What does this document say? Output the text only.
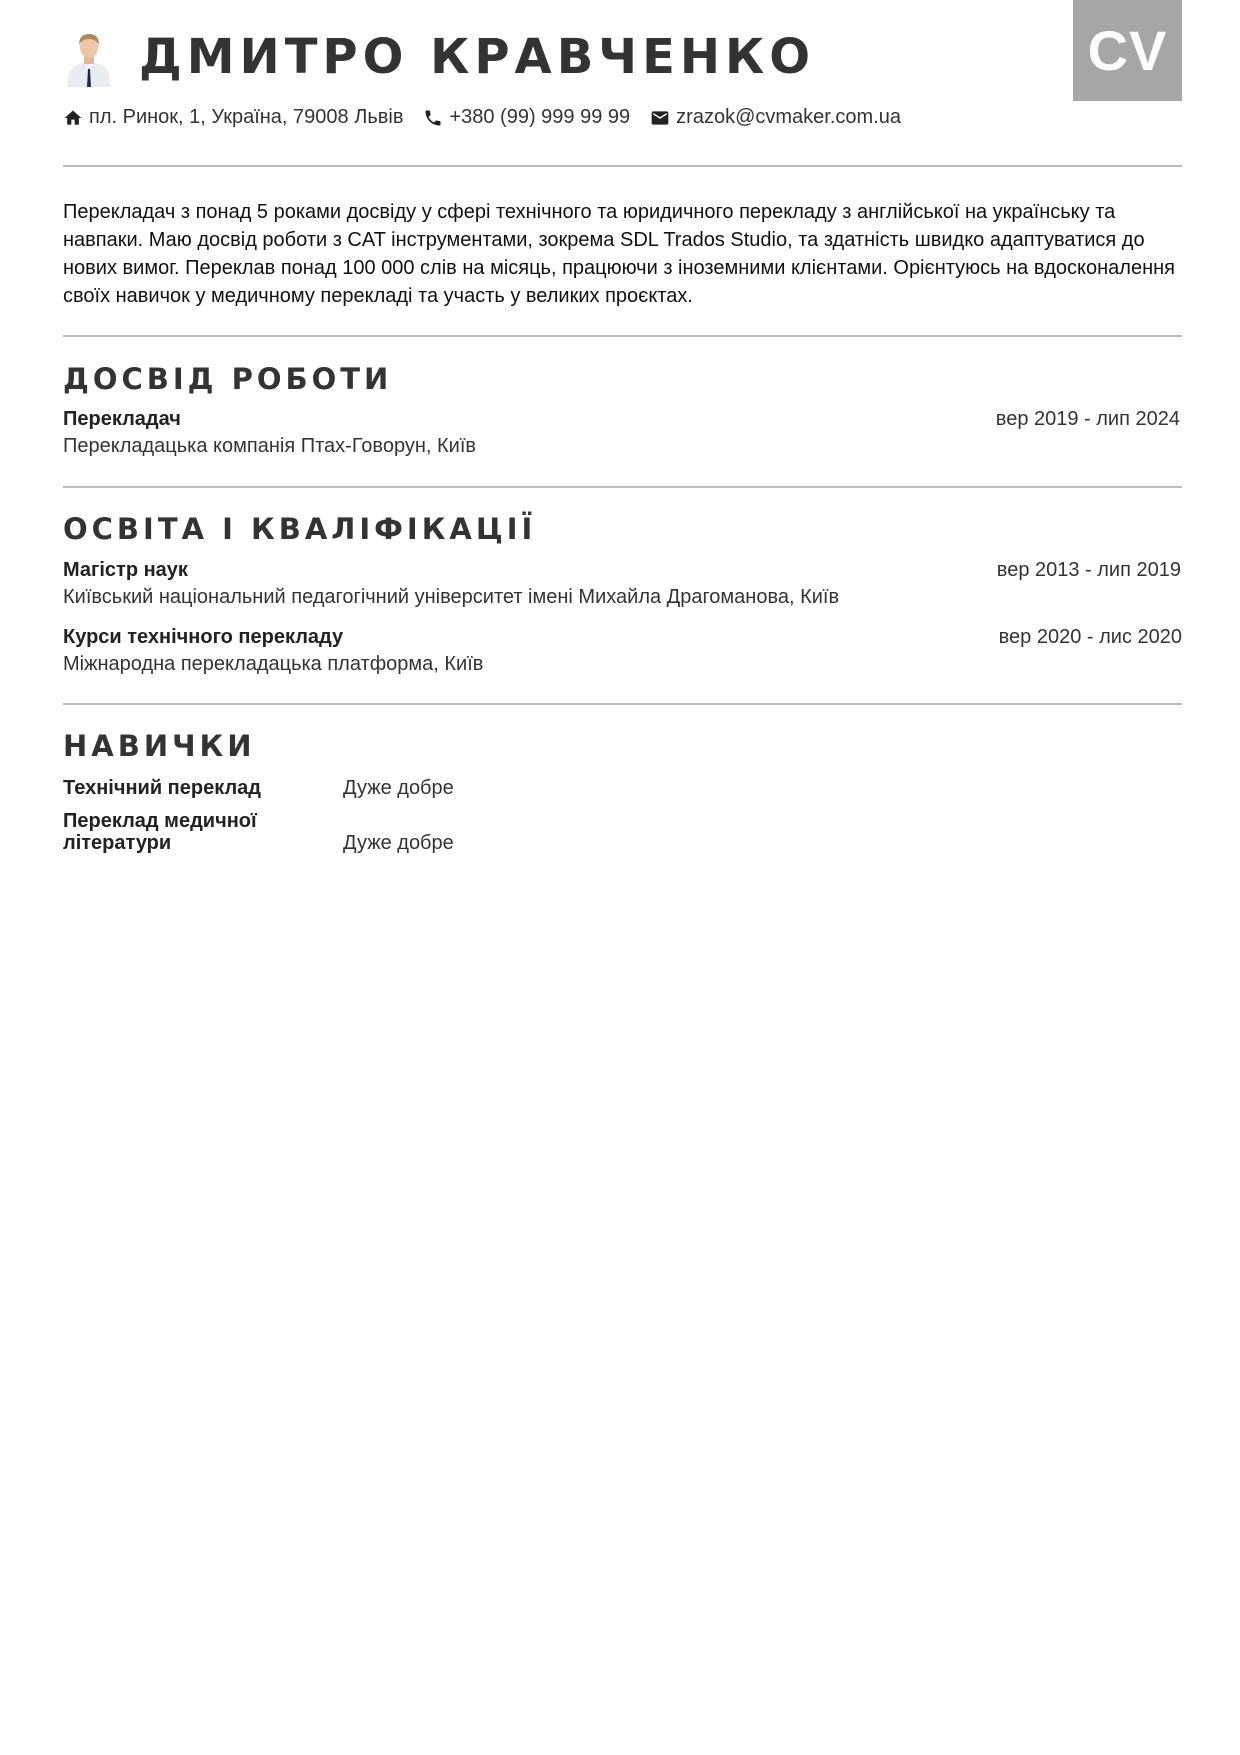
CV
ДМИТРО КРАВЧЕНКО
пл. Ринок, 1, Україна, 79008 Львів +380 (99) 999 99 99 zrazok@cvmaker.com.ua

Перекладач з понад 5 роками досвіду у сфері технічного та юридичного перекладу з англійської на українську та навпаки. Маю досвід роботи з CAT інструментами, зокрема SDL Trados Studio, та здатність швидко адаптуватися до нових вимог. Переклав понад 100 000 слів на місяць, працюючи з іноземними клієнтами. Орієнтуюсь на вдосконалення своїх навичок у медичному перекладі та участь у великих проєктах.

ДОСВІД РОБОТИ
Перекладач	вер 2019 - лип 2024
Перекладацька компанія Птах-Говорун, Київ
ОСВІТА І КВАЛІФІКАЦІЇ
Магістр наук	вер 2013 - лип 2019
Київський національний педагогічний університет імені Михайла Драгоманова, Київ
Курси технічного перекладу	вер 2020 - лис 2020
Міжнародна перекладацька платформа, Київ
НАВИЧКИ
Технічний переклад	Дуже добре
Переклад медичної літератури	Дуже добре
